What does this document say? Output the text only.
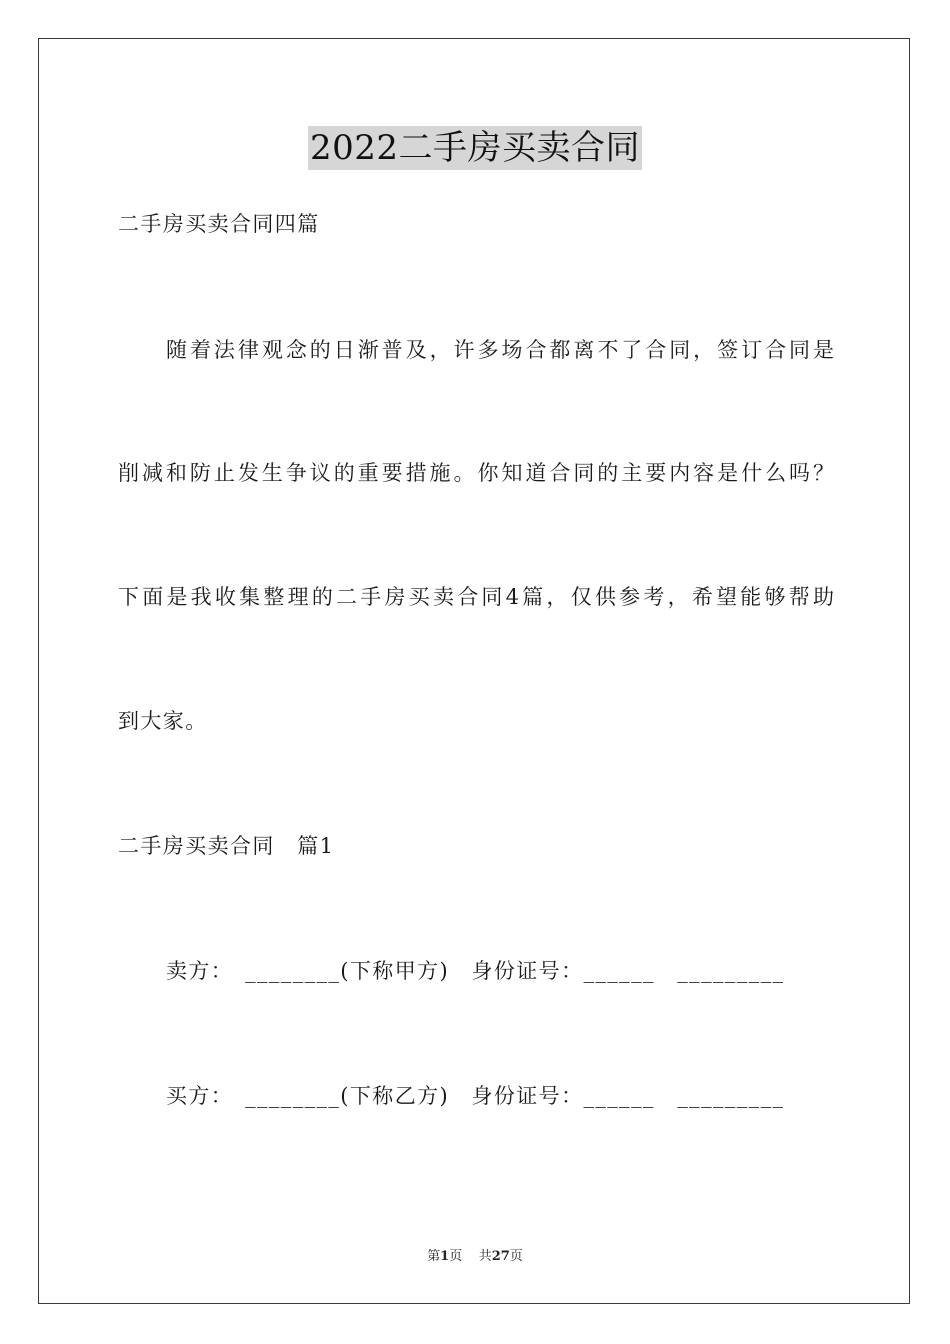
2022二手房买卖合同
二手房买卖合同四篇
随着法律观念的日渐普及，许多场合都离不了合同，签订合同是
削减和防止发生争议的重要措施。你知道合同的主要内容是什么吗？
下面是我收集整理的二手房买卖合同4篇，仅供参考，希望能够帮助
到大家。
二手房买卖合同　篇1
卖方：　________(下称甲方)　身份证号：______　_________
买方：　________(下称乙方)　身份证号：______　_________
第1页 共27页
